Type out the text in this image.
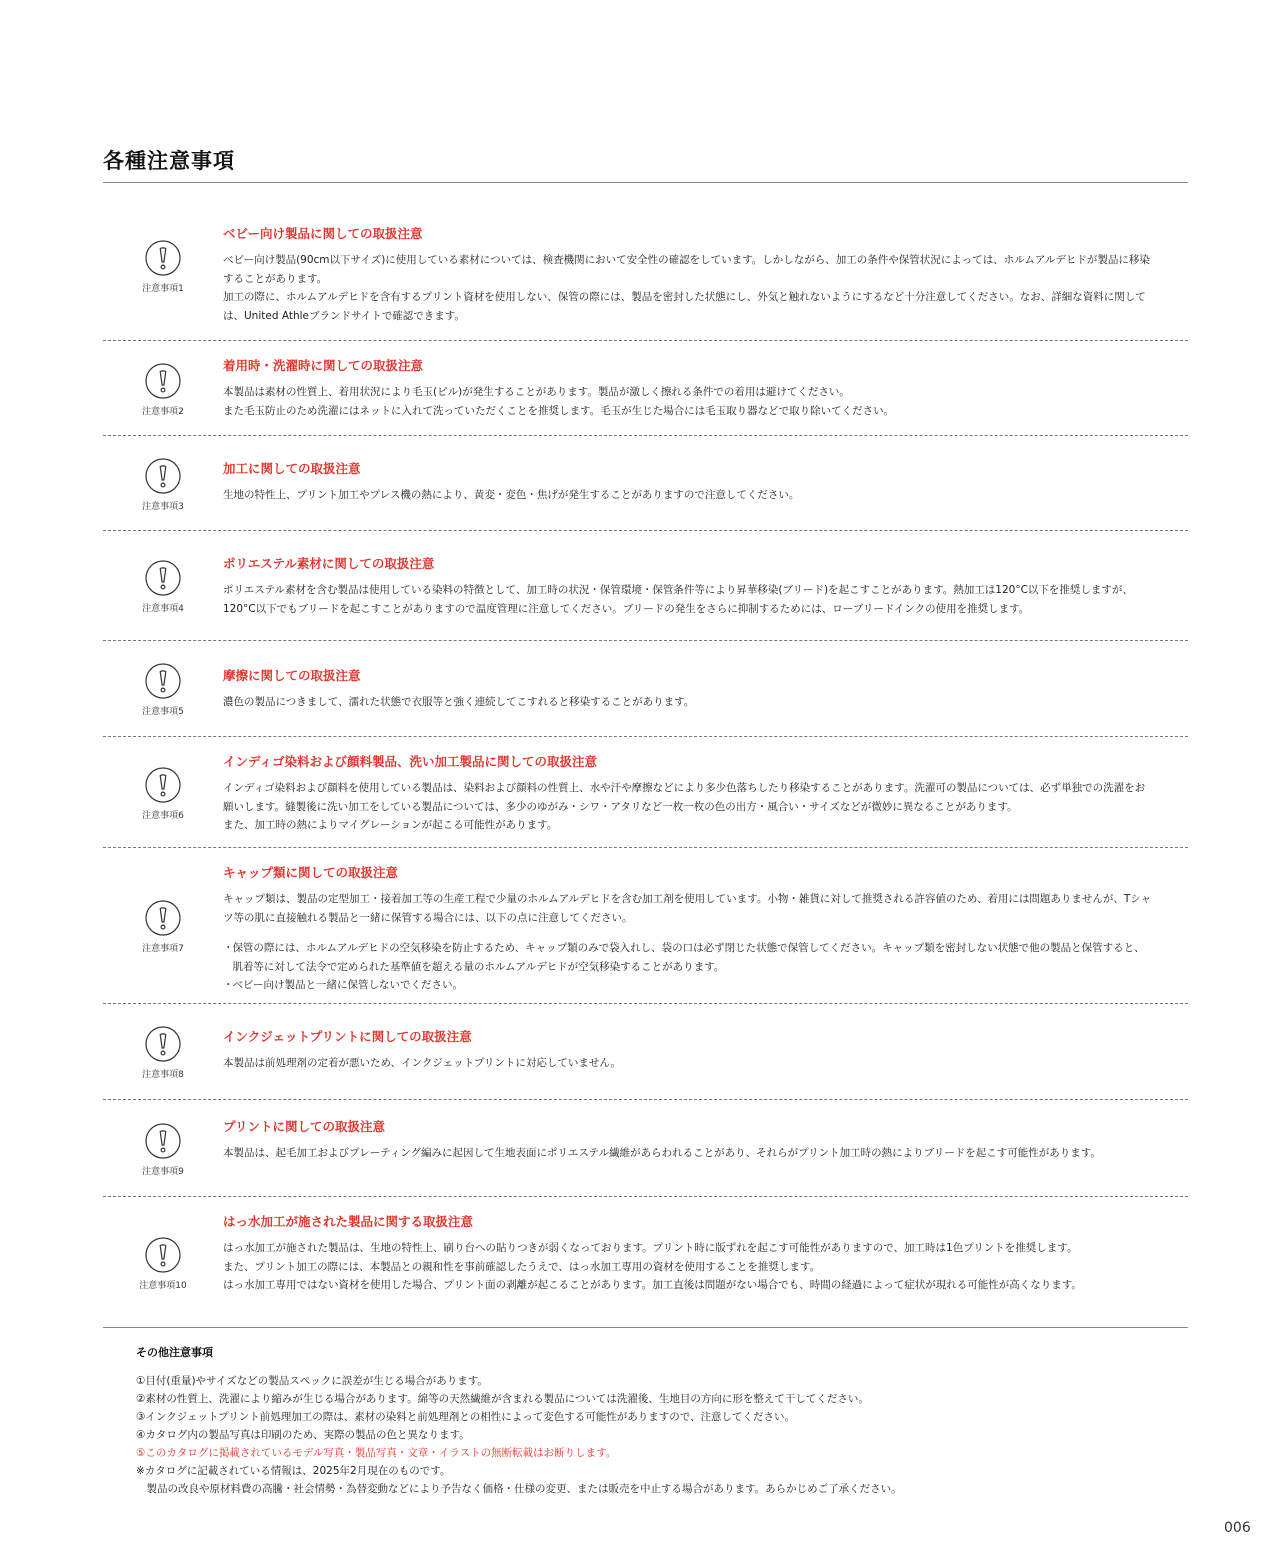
各種注意事項
注意事項1
ベビー向け製品に関しての取扱注意

ベビー向け製品(90cm以下サイズ)に使用している素材については、検査機関において安全性の確認をしています。しかしながら、加工の条件や保管状況によっては、ホルムアルデヒドが製品に移染することがあります。

加工の際に、ホルムアルデヒドを含有するプリント資材を使用しない、保管の際には、製品を密封した状態にし、外気と触れないようにするなど十分注意してください。なお、詳細な資料に関しては、United Athleブランドサイトで確認できます。

注意事項2
着用時・洗濯時に関しての取扱注意

本製品は素材の性質上、着用状況により毛玉(ピル)が発生することがあります。製品が激しく擦れる条件での着用は避けてください。

また毛玉防止のため洗濯にはネットに入れて洗っていただくことを推奨します。毛玉が生じた場合には毛玉取り器などで取り除いてください。

注意事項3
加工に関しての取扱注意

生地の特性上、プリント加工やプレス機の熱により、黄変・変色・焦げが発生することがありますので注意してください。

注意事項4
ポリエステル素材に関しての取扱注意

ポリエステル素材を含む製品は使用している染料の特徴として、加工時の状況・保管環境・保管条件等により昇華移染(ブリード)を起こすことがあります。熱加工は120°C以下を推奨しますが、120°C以下でもブリードを起こすことがありますので温度管理に注意してください。ブリードの発生をさらに抑制するためには、ローブリードインクの使用を推奨します。

注意事項5
摩擦に関しての取扱注意

濃色の製品につきまして、濡れた状態で衣服等と強く連続してこすれると移染することがあります。

注意事項6
インディゴ染料および顔料製品、洗い加工製品に関しての取扱注意

インディゴ染料および顔料を使用している製品は、染料および顔料の性質上、水や汗や摩擦などにより多少色落ちしたり移染することがあります。洗濯可の製品については、必ず単独での洗濯をお願いします。縫製後に洗い加工をしている製品については、多少のゆがみ・シワ・アタリなど一枚一枚の色の出方・風合い・サイズなどが微妙に異なることがあります。

また、加工時の熱によりマイグレーションが起こる可能性があります。

注意事項7
キャップ類に関しての取扱注意

キャップ類は、製品の定型加工・接着加工等の生産工程で少量のホルムアルデヒドを含む加工剤を使用しています。小物・雑貨に対して推奨される許容値のため、着用には問題ありませんが、Tシャツ等の肌に直接触れる製品と一緒に保管する場合には、以下の点に注意してください。

・ 保管の際には、ホルムアルデヒドの空気移染を防止するため、キャップ類のみで袋入れし、袋の口は必ず閉じた状態で保管してください。キャップ類を密封しない状態で他の製品と保管すると、肌着等に対して法令で定められた基準値を超える量のホルムアルデヒドが空気移染することがあります。
・ ベビー向け製品と一緒に保管しないでください。
注意事項8
インクジェットプリントに関しての取扱注意

本製品は前処理剤の定着が悪いため、インクジェットプリントに対応していません。

注意事項9
プリントに関しての取扱注意

本製品は、起毛加工およびプレーティング編みに起因して生地表面にポリエステル繊維があらわれることがあり、それらがプリント加工時の熱によりブリードを起こす可能性があります。

注意事項10
はっ水加工が施された製品に関する取扱注意

はっ水加工が施された製品は、生地の特性上、刷り台への貼りつきが弱くなっております。プリント時に版ずれを起こす可能性がありますので、加工時は1色プリントを推奨します。

また、プリント加工の際には、本製品との親和性を事前確認したうえで、はっ水加工専用の資材を使用することを推奨します。

はっ水加工専用ではない資材を使用した場合、プリント面の剥離が起こることがあります。加工直後は問題がない場合でも、時間の経過によって症状が現れる可能性が高くなります。

その他注意事項

①目付(重量)やサイズなどの製品スペックに誤差が生じる場合があります。

②素材の性質上、洗濯により縮みが生じる場合があります。綿等の天然繊維が含まれる製品については洗濯後、生地目の方向に形を整えて干してください。

③インクジェットプリント前処理加工の際は、素材の染料と前処理剤との相性によって変色する可能性がありますので、注意してください。

④カタログ内の製品写真は印刷のため、実際の製品の色と異なります。

⑤このカタログに掲載されているモデル写真・製品写真・文章・イラストの無断転載はお断りします。

※カタログに記載されている情報は、2025年2月現在のものです。

製品の改良や原材料費の高騰・社会情勢・為替変動などにより予告なく価格・仕様の変更、または販売を中止する場合があります。あらかじめご了承ください。

006
